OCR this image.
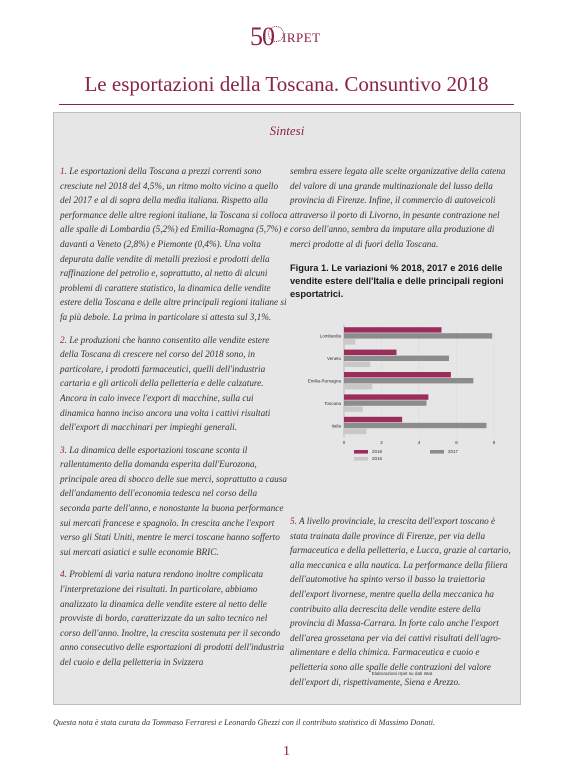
50 IRPET
Le esportazioni della Toscana. Consuntivo 2018
Sintesi

1. Le esportazioni della Toscana a prezzi correnti sono cresciute nel 2018 del 4,5%, un ritmo molto vicino a quello del 2017 e al di sopra della media italiana. Rispetto alla performance delle altre regioni italiane, la Toscana si colloca alle spalle di Lombardia (5,2%) ed Emilia-Romagna (5,7%) e davanti a Veneto (2,8%) e Piemonte (0,4%). Una volta depurata dalle vendite di metalli preziosi e prodotti della raffinazione del petrolio e, soprattutto, al netto di alcuni problemi di carattere statistico, la dinamica delle vendite estere della Toscana e delle altre principali regioni italiane si fa più debole. La prima in particolare si attesta sul 3,1%.

2. Le produzioni che hanno consentito alle vendite estere della Toscana di crescere nel corso del 2018 sono, in particolare, i prodotti farmaceutici, quelli dell'industria cartaria e gli articoli della pelletteria e delle calzature. Ancora in calo invece l'export di macchine, sulla cui dinamica hanno inciso ancora una volta i cattivi risultati dell'export di macchinari per impieghi generali.

3. La dinamica delle esportazioni toscane sconta il rallentamento della domanda esperita dall'Eurozona, principale area di sbocco delle sue merci, soprattutto a causa dell'andamento dell'economia tedesca nel corso della seconda parte dell'anno, e nonostante la buona performance sui mercati francese e spagnolo. In crescita anche l'export verso gli Stati Uniti, mentre le merci toscane hanno sofferto sui mercati asiatici e sulle economie BRIC.

4. Problemi di varia natura rendono inoltre complicata l'interpretazione dei risultati. In particolare, abbiamo analizzato la dinamica delle vendite estere al netto delle provviste di bordo, caratterizzate da un salto tecnico nel corso dell'anno. Inoltre, la crescita sostenuta per il secondo anno consecutivo delle esportazioni di prodotti dell'industria del cuoio e della pelletteria in Svizzera

sembra essere legata alle scelte organizzative della catena del valore di una grande multinazionale del lusso della provincia di Firenze. Infine, il commercio di autoveicoli attraverso il porto di Livorno, in pesante contrazione nel corso dell'anno, sembra da imputare alla produzione di merci prodotte al di fuori della Toscana.

Figura 1. Le variazioni % 2018, 2017 e 2016 delle vendite estere dell'Italia e delle principali regioni esportatrici.
0	2	4	6	8
Lombardia
Veneto
Emilia-Romagna
Toscana
Italia
2018	2017
2016
Elaborazioni Irpet su dati Istat

5. A livello provinciale, la crescita dell'export toscano è stata trainata dalle province di Firenze, per via della farmaceutica e della pelletteria, e Lucca, grazie al cartario, alla meccanica e alla nautica. La performance della filiera dell'automotive ha spinto verso il basso la traiettoria dell'export livornese, mentre quella della meccanica ha contribuito alla decrescita delle vendite estere della provincia di Massa-Carrara. In forte calo anche l'export dell'area grossetana per via dei cattivi risultati dell'agro-alimentare e della chimica. Farmaceutica e cuoio e pelletteria sono alle spalle delle contrazioni del valore dell'export di, rispettivamente, Siena e Arezzo.

Questa nota è stata curata da Tommaso Ferraresi e Leonardo Ghezzi con il contributo statistico di Massimo Donati.
1
